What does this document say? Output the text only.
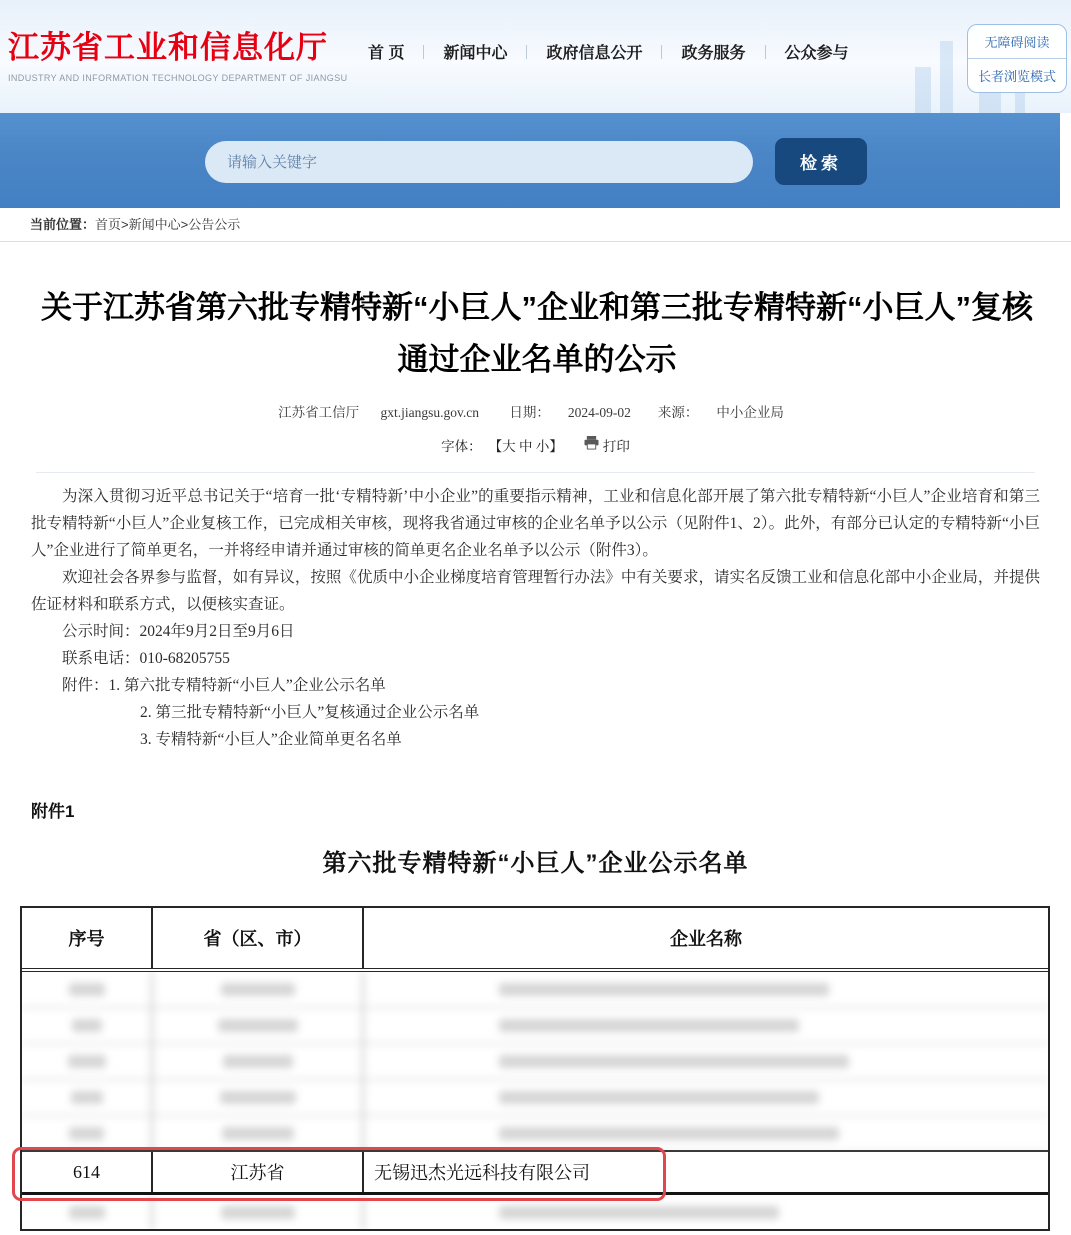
江苏省工业和信息化厅
INDUSTRY AND INFORMATION TECHNOLOGY DEPARTMENT OF JIANGSU
首 页 新闻中心 政府信息公开 政务服务 公众参与
无障碍阅读
长者浏览模式
请输入关键字
检索
当前位置：首页>新闻中心>公告公示
关于江苏省第六批专精特新“小巨人”企业和第三批专精特新“小巨人”复核通过企业名单的公示
江苏省工信厅 gxt.jiangsu.gov.cn 日期： 2024-09-02 来源： 中小企业局
字体： 【大 中 小】	打印

为深入贯彻习近平总书记关于“培育一批‘专精特新’中小企业”的重要指示精神，工业和信息化部开展了第六批专精特新“小巨人”企业培育和第三批专精特新“小巨人”企业复核工作，已完成相关审核，现将我省通过审核的企业名单予以公示（见附件1、2）。此外，有部分已认定的专精特新“小巨人”企业进行了简单更名，一并将经申请并通过审核的简单更名企业名单予以公示（附件3）。

欢迎社会各界参与监督，如有异议，按照《优质中小企业梯度培育管理暂行办法》中有关要求，请实名反馈工业和信息化部中小企业局，并提供佐证材料和联系方式，以便核实查证。

公示时间：2024年9月2日至9月6日

联系电话：010-68205755

附件：1. 第六批专精特新“小巨人”企业公示名单

2. 第三批专精特新“小巨人”复核通过企业公示名单

3. 专精特新“小巨人”企业简单更名名单

附件1
第六批专精特新“小巨人”企业公示名单
序号	省（区、市）	企业名称
614	江苏省	无锡迅杰光远科技有限公司
